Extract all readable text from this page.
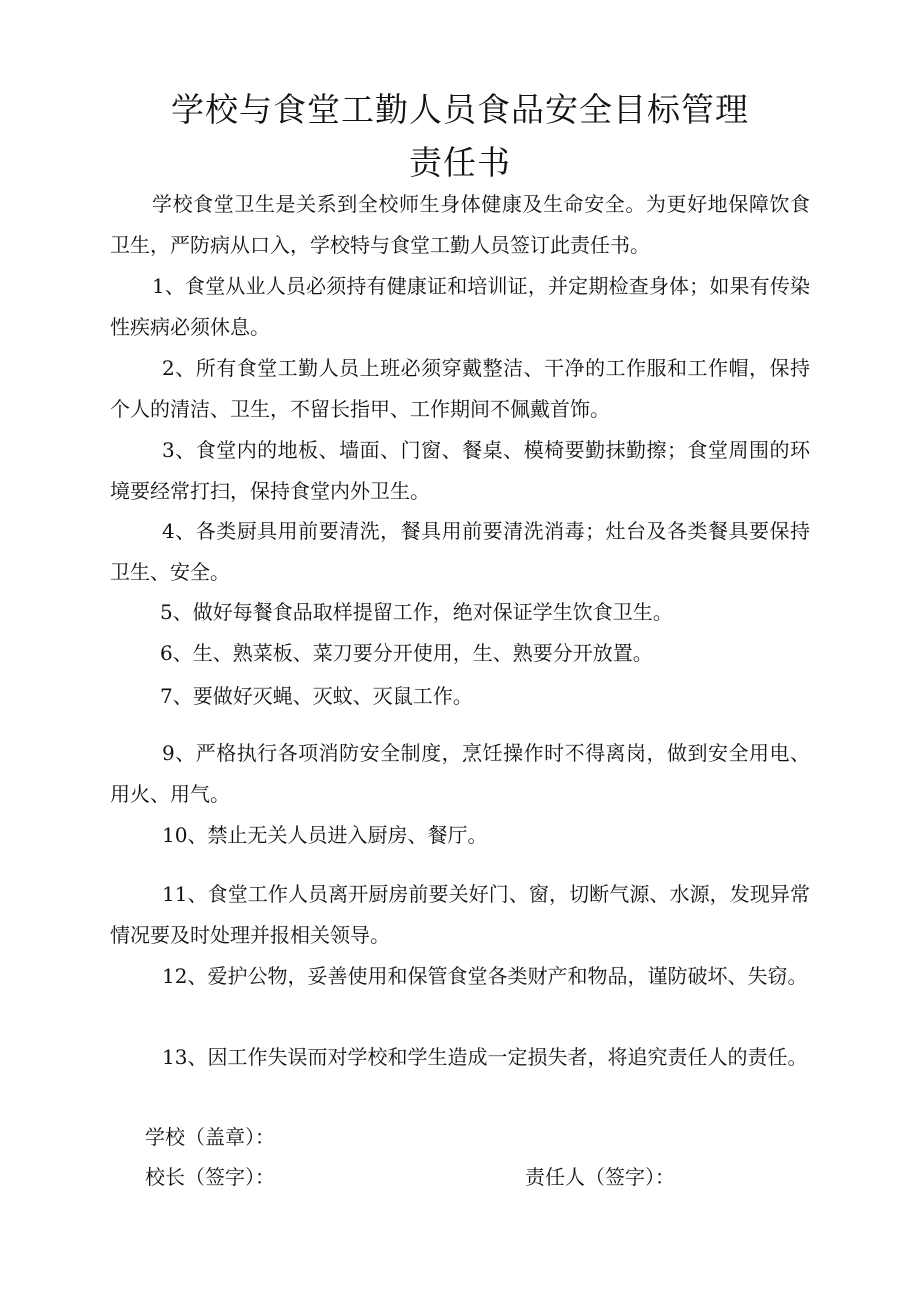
学校与食堂工勤人员食品安全目标管理
责任书

学校食堂卫生是关系到全校师生身体健康及生命安全。为更好地保障饮食卫生，严防病从口入，学校特与食堂工勤人员签订此责任书。

1、食堂从业人员必须持有健康证和培训证，并定期检查身体；如果有传染性疾病必须休息。

2、所有食堂工勤人员上班必须穿戴整洁、干净的工作服和工作帽，保持个人的清洁、卫生，不留长指甲、工作期间不佩戴首饰。

3、食堂内的地板、墙面、门窗、餐桌、模椅要勤抹勤擦；食堂周围的环境要经常打扫，保持食堂内外卫生。

4、各类厨具用前要清洗，餐具用前要清洗消毒；灶台及各类餐具要保持卫生、安全。

5、做好每餐食品取样提留工作，绝对保证学生饮食卫生。

6、生、熟菜板、菜刀要分开使用，生、熟要分开放置。

7、要做好灭蝇、灭蚊、灭鼠工作。

9、严格执行各项消防安全制度，烹饪操作时不得离岗，做到安全用电、用火、用气。

10、禁止无关人员进入厨房、餐厅。

11、食堂工作人员离开厨房前要关好门、窗，切断气源、水源，发现异常情况要及时处理并报相关领导。

12、爱护公物，妥善使用和保管食堂各类财产和物品，谨防破坏、失窃。

13、因工作失误而对学校和学生造成一定损失者，将追究责任人的责任。

学校（盖章）：
校长（签字）：	责任人（签字）：
